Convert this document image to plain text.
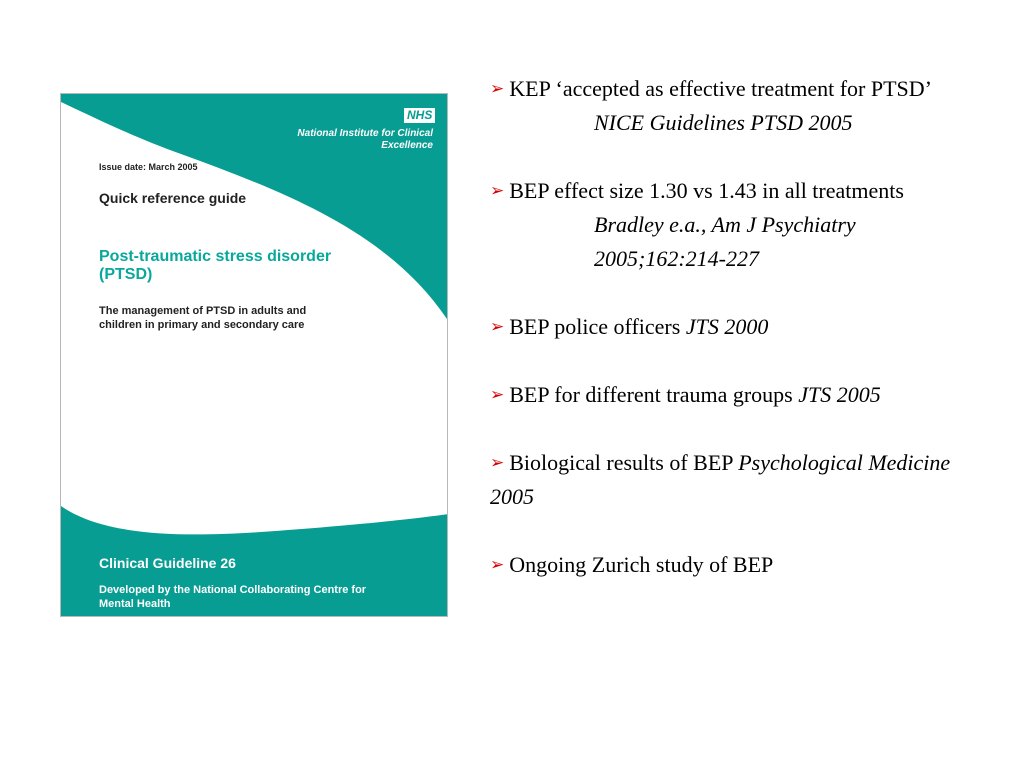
NHS
National Institute for Clinical Excellence
Issue date: March 2005
Quick reference guide
Post-traumatic stress disorder (PTSD)
The management of PTSD in adults and children in primary and secondary care
Clinical Guideline 26
Developed by the National Collaborating Centre for Mental Health
➢ KEP ‘accepted as effective treatment for PTSD’
NICE Guidelines PTSD 2005
➢ BEP effect size 1.30 vs 1.43 in all treatments
Bradley e.a., Am J Psychiatry
2005;162:214-227
➢ BEP police officers JTS 2000
➢ BEP for different trauma groups JTS 2005
➢ Biological results of BEP Psychological Medicine 2005
➢ Ongoing Zurich study of BEP
